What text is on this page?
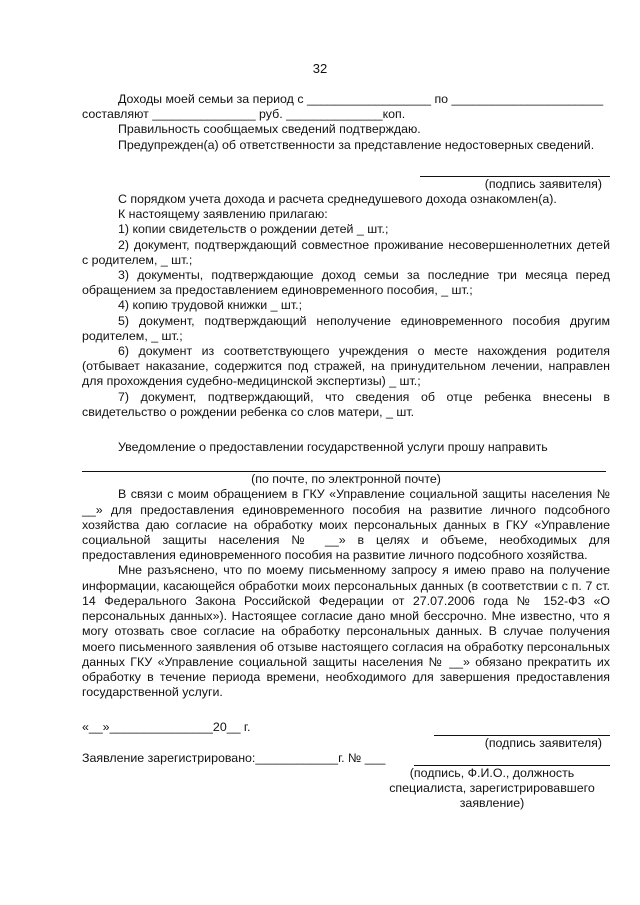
32

Доходы моей семьи за период с __________________ по ______________________

составляют _______________ руб. ______________коп.

Правильность сообщаемых сведений подтверждаю.

Предупрежден(а) об ответственности за представление недостоверных сведений.

(подпись заявителя)

С порядком учета дохода и расчета среднедушевого дохода ознакомлен(а).

К настоящему заявлению прилагаю:

1) копии свидетельств о рождении детей _ шт.;

2) документ, подтверждающий совместное проживание несовершеннолетних детей с родителем, _ шт.;

3) документы, подтверждающие доход семьи за последние три месяца перед обращением за предоставлением единовременного пособия, _ шт.;

4) копию трудовой книжки _ шт.;

5) документ, подтверждающий неполучение единовременного пособия другим родителем, _ шт.;

6) документ из соответствующего учреждения о месте нахождения родителя (отбывает наказание, содержится под стражей, на принудительном лечении, направлен для прохождения судебно-медицинской экспертизы) _ шт.;

7) документ, подтверждающий, что сведения об отце ребенка внесены в свидетельство о рождении ребенка со слов матери, _ шт.

Уведомление о предоставлении государственной услуги прошу направить

(по почте, по электронной почте)

В связи с моим обращением в ГКУ «Управление социальной защиты населения № __» для предоставления единовременного пособия на развитие личного подсобного хозяйства даю согласие на обработку моих персональных данных в ГКУ «Управление социальной защиты населения № __» в целях и объеме, необходимых для предоставления единовременного пособия на развитие личного подсобного хозяйства.

Мне разъяснено, что по моему письменному запросу я имею право на получение информации, касающейся обработки моих персональных данных (в соответствии с п. 7 ст. 14 Федерального Закона Российской Федерации от 27.07.2006 года № 152-ФЗ «О персональных данных»). Настоящее согласие дано мной бессрочно. Мне известно, что я могу отозвать свое согласие на обработку персональных данных. В случае получения моего письменного заявления об отзыве настоящего согласия на обработку персональных данных ГКУ «Управление социальной защиты населения № __» обязано прекратить их обработку в течение периода времени, необходимого для завершения предоставления государственной услуги.

«__»_______________20__ г.

(подпись заявителя)

Заявление зарегистрировано:____________г. № ___

(подпись, Ф.И.О., должность

специалиста, зарегистрировавшего

заявление)
